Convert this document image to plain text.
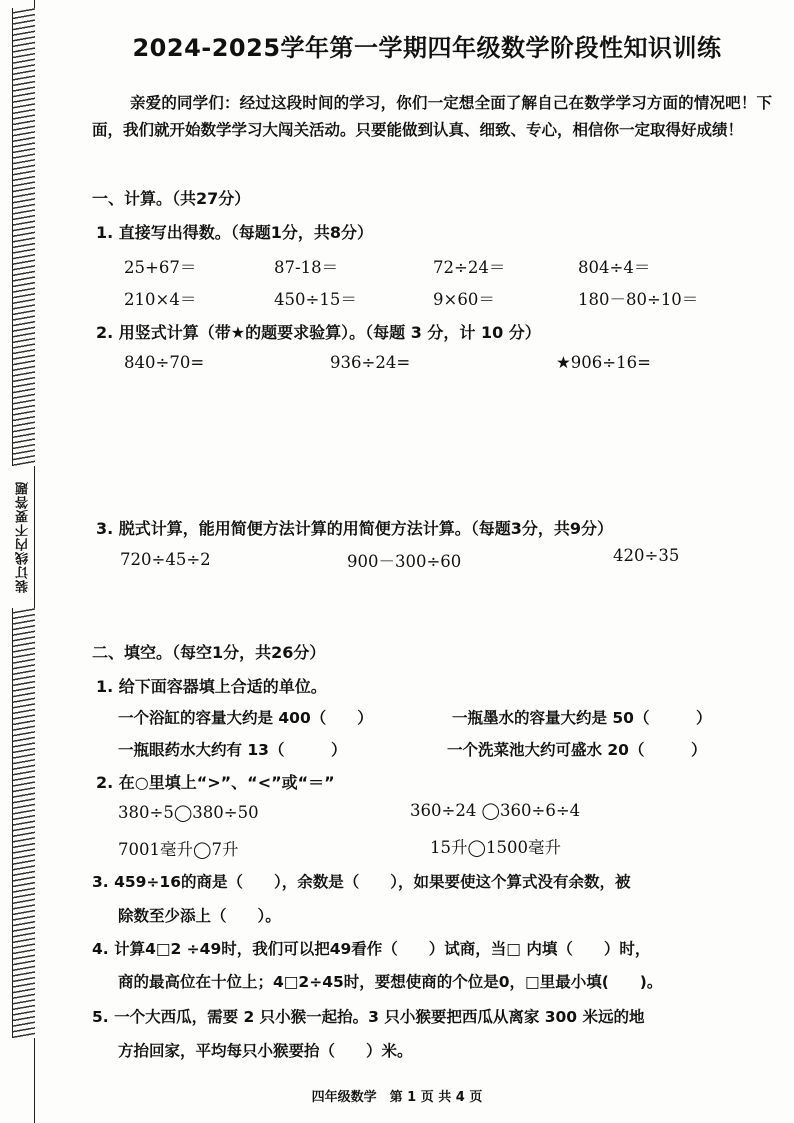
装订线内不要答题
2024-2025学年第一学期四年级数学阶段性知识训练
亲爱的同学们：经过这段时间的学习，你们一定想全面了解自己在数学学习方面的情况吧！下面，我们就开始数学学习大闯关活动。只要能做到认真、细致、专心，相信你一定取得好成绩！
一、计算。（共27分）
1. 直接写出得数。（每题1分，共8分）
25+67＝	87-18＝	72÷24＝	804÷4＝
210×4＝	450÷15＝	9×60＝	180－80÷10＝
2. 用竖式计算（带★的题要求验算）。（每题 3 分，计 10 分）
840÷70=	936÷24=	★906÷16=
3. 脱式计算，能用简便方法计算的用简便方法计算。（每题3分，共9分）
720÷45÷2	900－300÷60	420÷35
二、填空。（每空1分，共26分）
1. 给下面容器填上合适的单位。
一个浴缸的容量大约是 400（　　）	一瓶墨水的容量大约是 50（　　　）
一瓶眼药水大约有 13（　　　）	一个洗菜池大约可盛水 20（　　　）
2. 在○里填上“>”、“<”或“＝”
380÷5◯380÷50	360÷24 ◯360÷6÷4
7001毫升◯7升	15升◯1500毫升
3. 459÷16的商是（　　），余数是（　　），如果要使这个算式没有余数，被
除数至少添上（　　）。
4. 计算4□2 ÷49时，我们可以把49看作（　　）试商，当□ 内填（　　）时，
商的最高位在十位上；4□2÷45时，要想使商的个位是0，□里最小填(　　)。
5. 一个大西瓜，需要 2 只小猴一起抬。3 只小猴要把西瓜从离家 300 米远的地
方抬回家，平均每只小猴要抬（　　）米。
四年级数学　第 1 页 共 4 页
